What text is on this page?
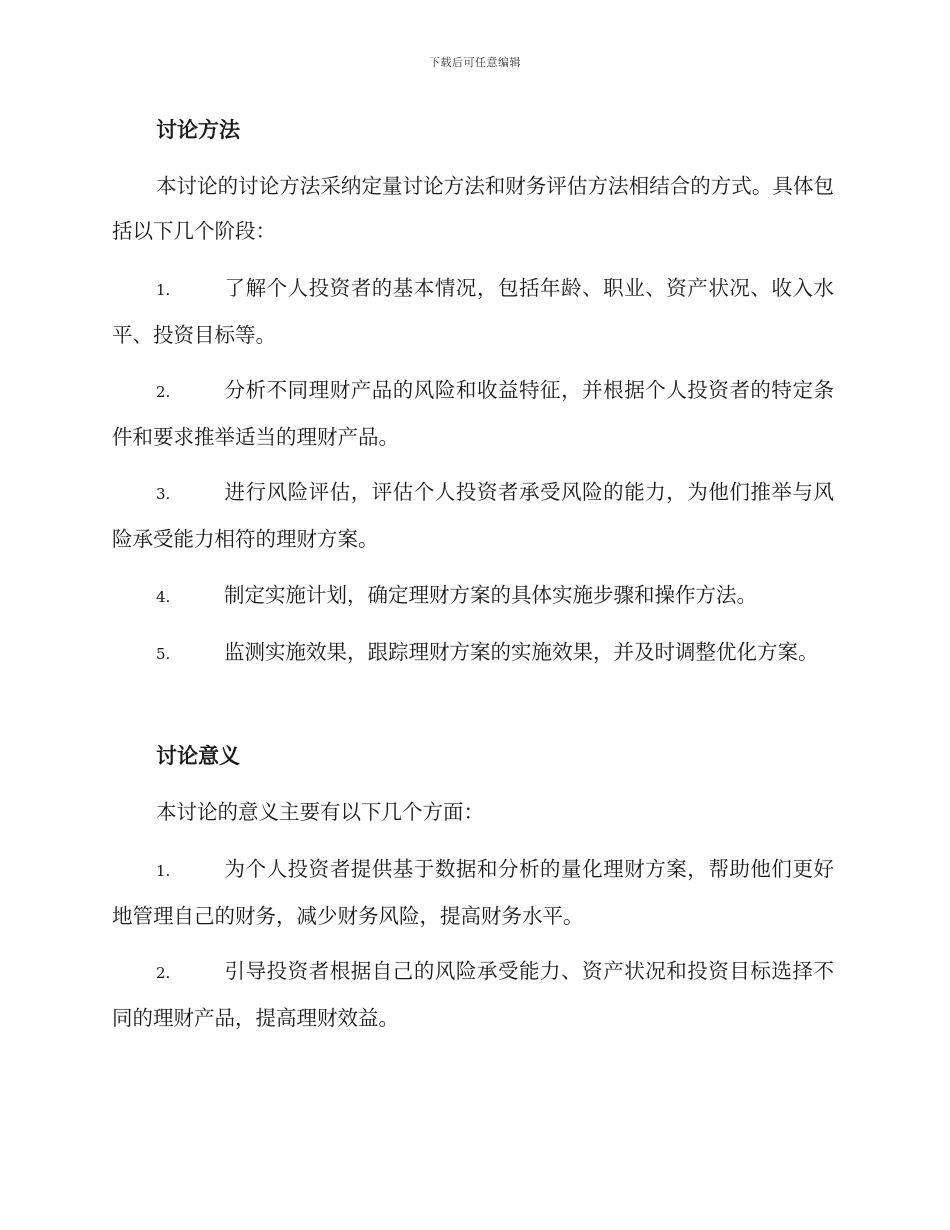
下载后可任意编辑
讨论方法
本讨论的讨论方法采纳定量讨论方法和财务评估方法相结合的方式。具体包括以下几个阶段：
1.	了解个人投资者的基本情况，包括年龄、职业、资产状况、收入水平、投资目标等。
2.	分析不同理财产品的风险和收益特征，并根据个人投资者的特定条件和要求推举适当的理财产品。
3.	进行风险评估，评估个人投资者承受风险的能力，为他们推举与风险承受能力相符的理财方案。
4.	制定实施计划，确定理财方案的具体实施步骤和操作方法。
5.	监测实施效果，跟踪理财方案的实施效果，并及时调整优化方案。
讨论意义
本讨论的意义主要有以下几个方面：
1.	为个人投资者提供基于数据和分析的量化理财方案，帮助他们更好地管理自己的财务，减少财务风险，提高财务水平。
2.	引导投资者根据自己的风险承受能力、资产状况和投资目标选择不同的理财产品，提高理财效益。
